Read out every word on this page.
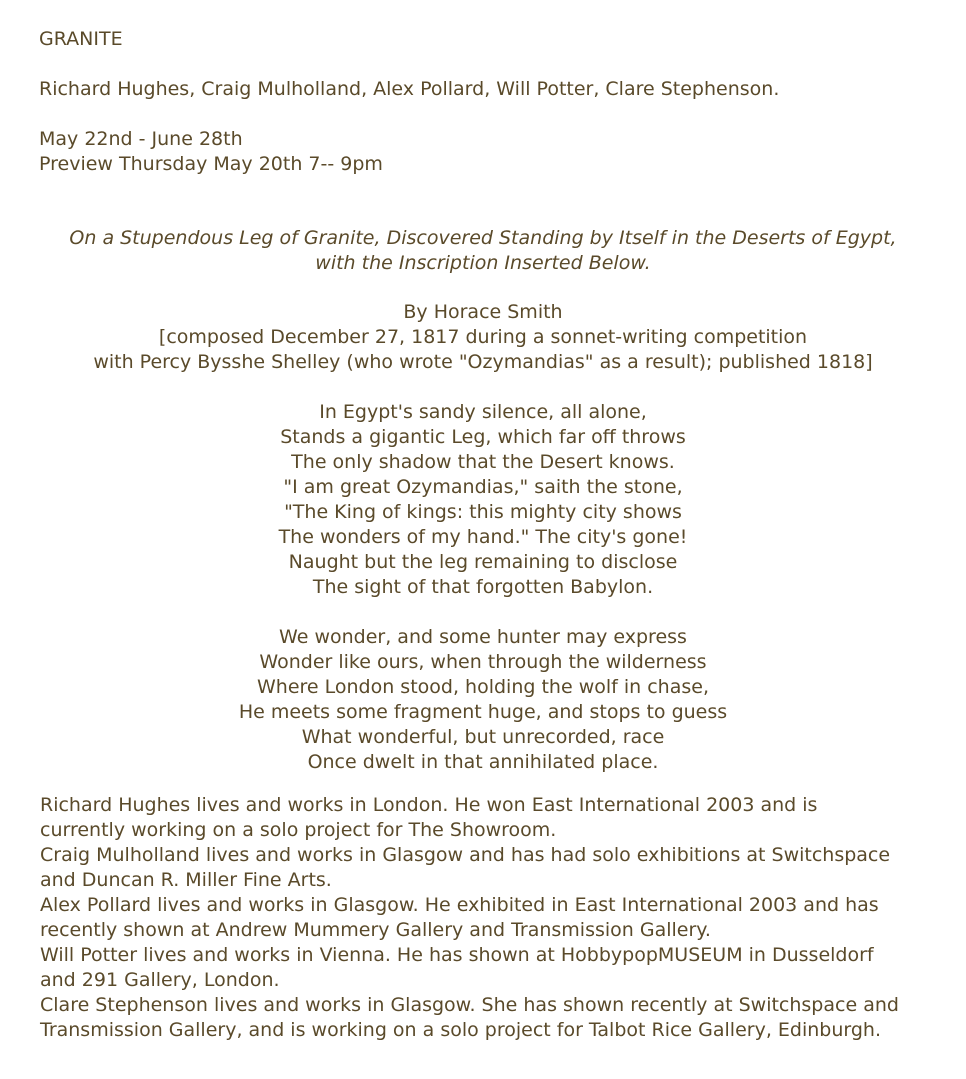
GRANITE
Richard Hughes, Craig Mulholland, Alex Pollard, Will Potter, Clare Stephenson.
May 22nd - June 28th
Preview Thursday May 20th 7-- 9pm
On a Stupendous Leg of Granite, Discovered Standing by Itself in the Deserts of Egypt,
with the Inscription Inserted Below.
By Horace Smith
[composed December 27, 1817 during a sonnet-writing competition
with Percy Bysshe Shelley (who wrote "Ozymandias" as a result); published 1818]
In Egypt's sandy silence, all alone,
Stands a gigantic Leg, which far off throws
The only shadow that the Desert knows.
"I am great Ozymandias," saith the stone,
"The King of kings: this mighty city shows
The wonders of my hand." The city's gone!
Naught but the leg remaining to disclose
The sight of that forgotten Babylon.
We wonder, and some hunter may express
Wonder like ours, when through the wilderness
Where London stood, holding the wolf in chase,
He meets some fragment huge, and stops to guess
What wonderful, but unrecorded, race
Once dwelt in that annihilated place.
Richard Hughes lives and works in London. He won East International 2003 and is
currently working on a solo project for The Showroom.
Craig Mulholland lives and works in Glasgow and has had solo exhibitions at Switchspace
and Duncan R. Miller Fine Arts.
Alex Pollard lives and works in Glasgow. He exhibited in East International 2003 and has
recently shown at Andrew Mummery Gallery and Transmission Gallery.
Will Potter lives and works in Vienna. He has shown at HobbypopMUSEUM in Dusseldorf
and 291 Gallery, London.
Clare Stephenson lives and works in Glasgow. She has shown recently at Switchspace and
Transmission Gallery, and is working on a solo project for Talbot Rice Gallery, Edinburgh.
